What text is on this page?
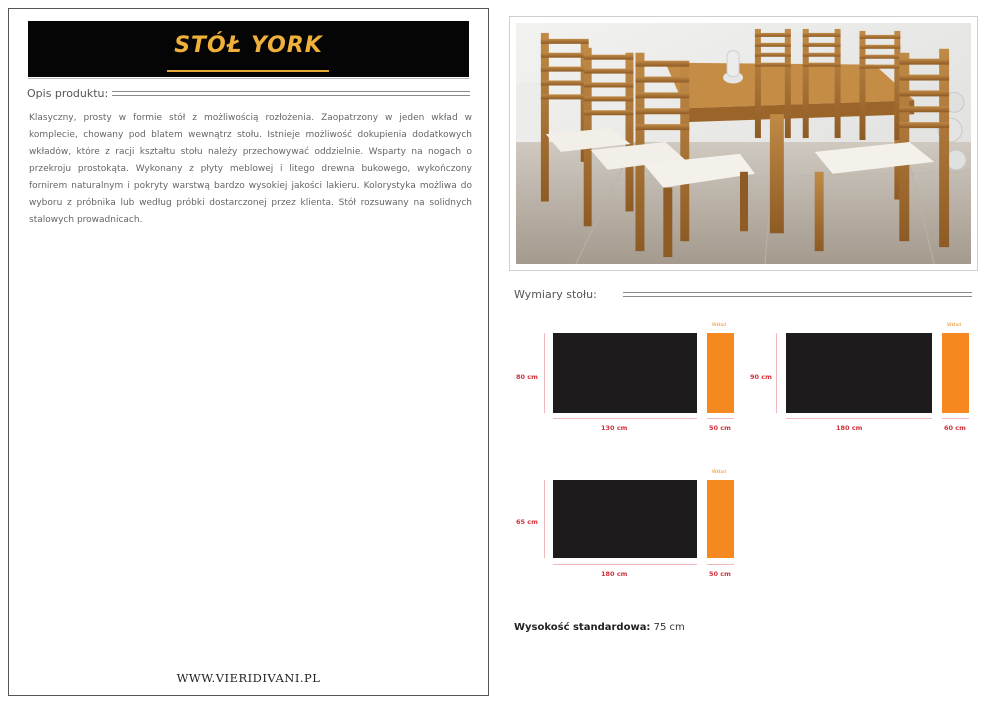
STÓŁ YORK
Opis produktu:
Klasyczny, prosty w formie stół z możliwością rozłożenia. Zaopatrzony w jeden wkład w komplecie, chowany pod blatem wewnątrz stołu. Istnieje możliwość dokupienia dodatkowych wkładów, które z racji kształtu stołu należy przechowywać oddzielnie. Wsparty na nogach o przekroju prostokąta. Wykonany z płyty meblowej i litego drewna bukowego, wykończony fornirem naturalnym i pokryty warstwą bardzo wysokiej jakości lakieru. Kolorystyka możliwa do wyboru z próbnika lub według próbki dostarczonej przez klienta. Stół rozsuwany na solidnych stalowych prowadnicach.
WWW.VIERIDIVANI.PL
Wymiary stołu:
80 cm
Wkład
130 cm	50 cm
90 cm
Wkład
180 cm	60 cm
65 cm
Wkład
180 cm	50 cm
Wysokość standardowa: 75 cm
